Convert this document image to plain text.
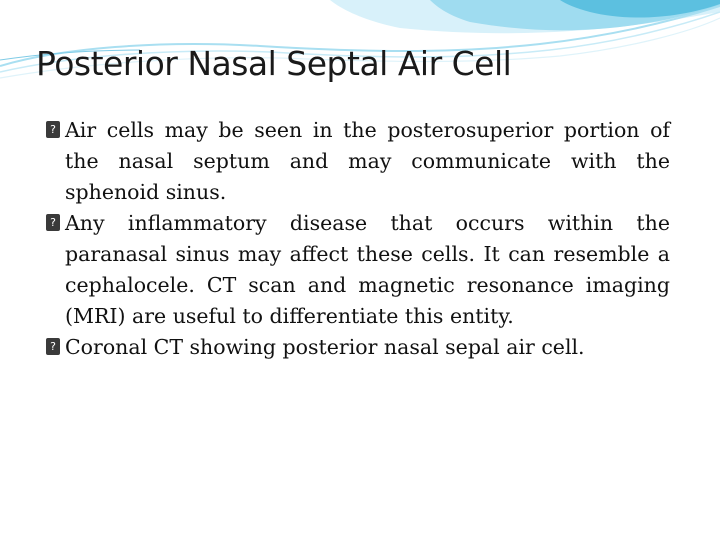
Posterior Nasal Septal Air Cell
? Air cells may be seen in the posterosuperior portion of the nasal septum and may communicate with the sphenoid sinus.
? Any inflammatory disease that occurs within the paranasal sinus may affect these cells. It can resemble a cephalocele. CT scan and magnetic resonance imaging (MRI) are useful to differentiate this entity.
? Coronal CT showing posterior nasal sepal air cell.
